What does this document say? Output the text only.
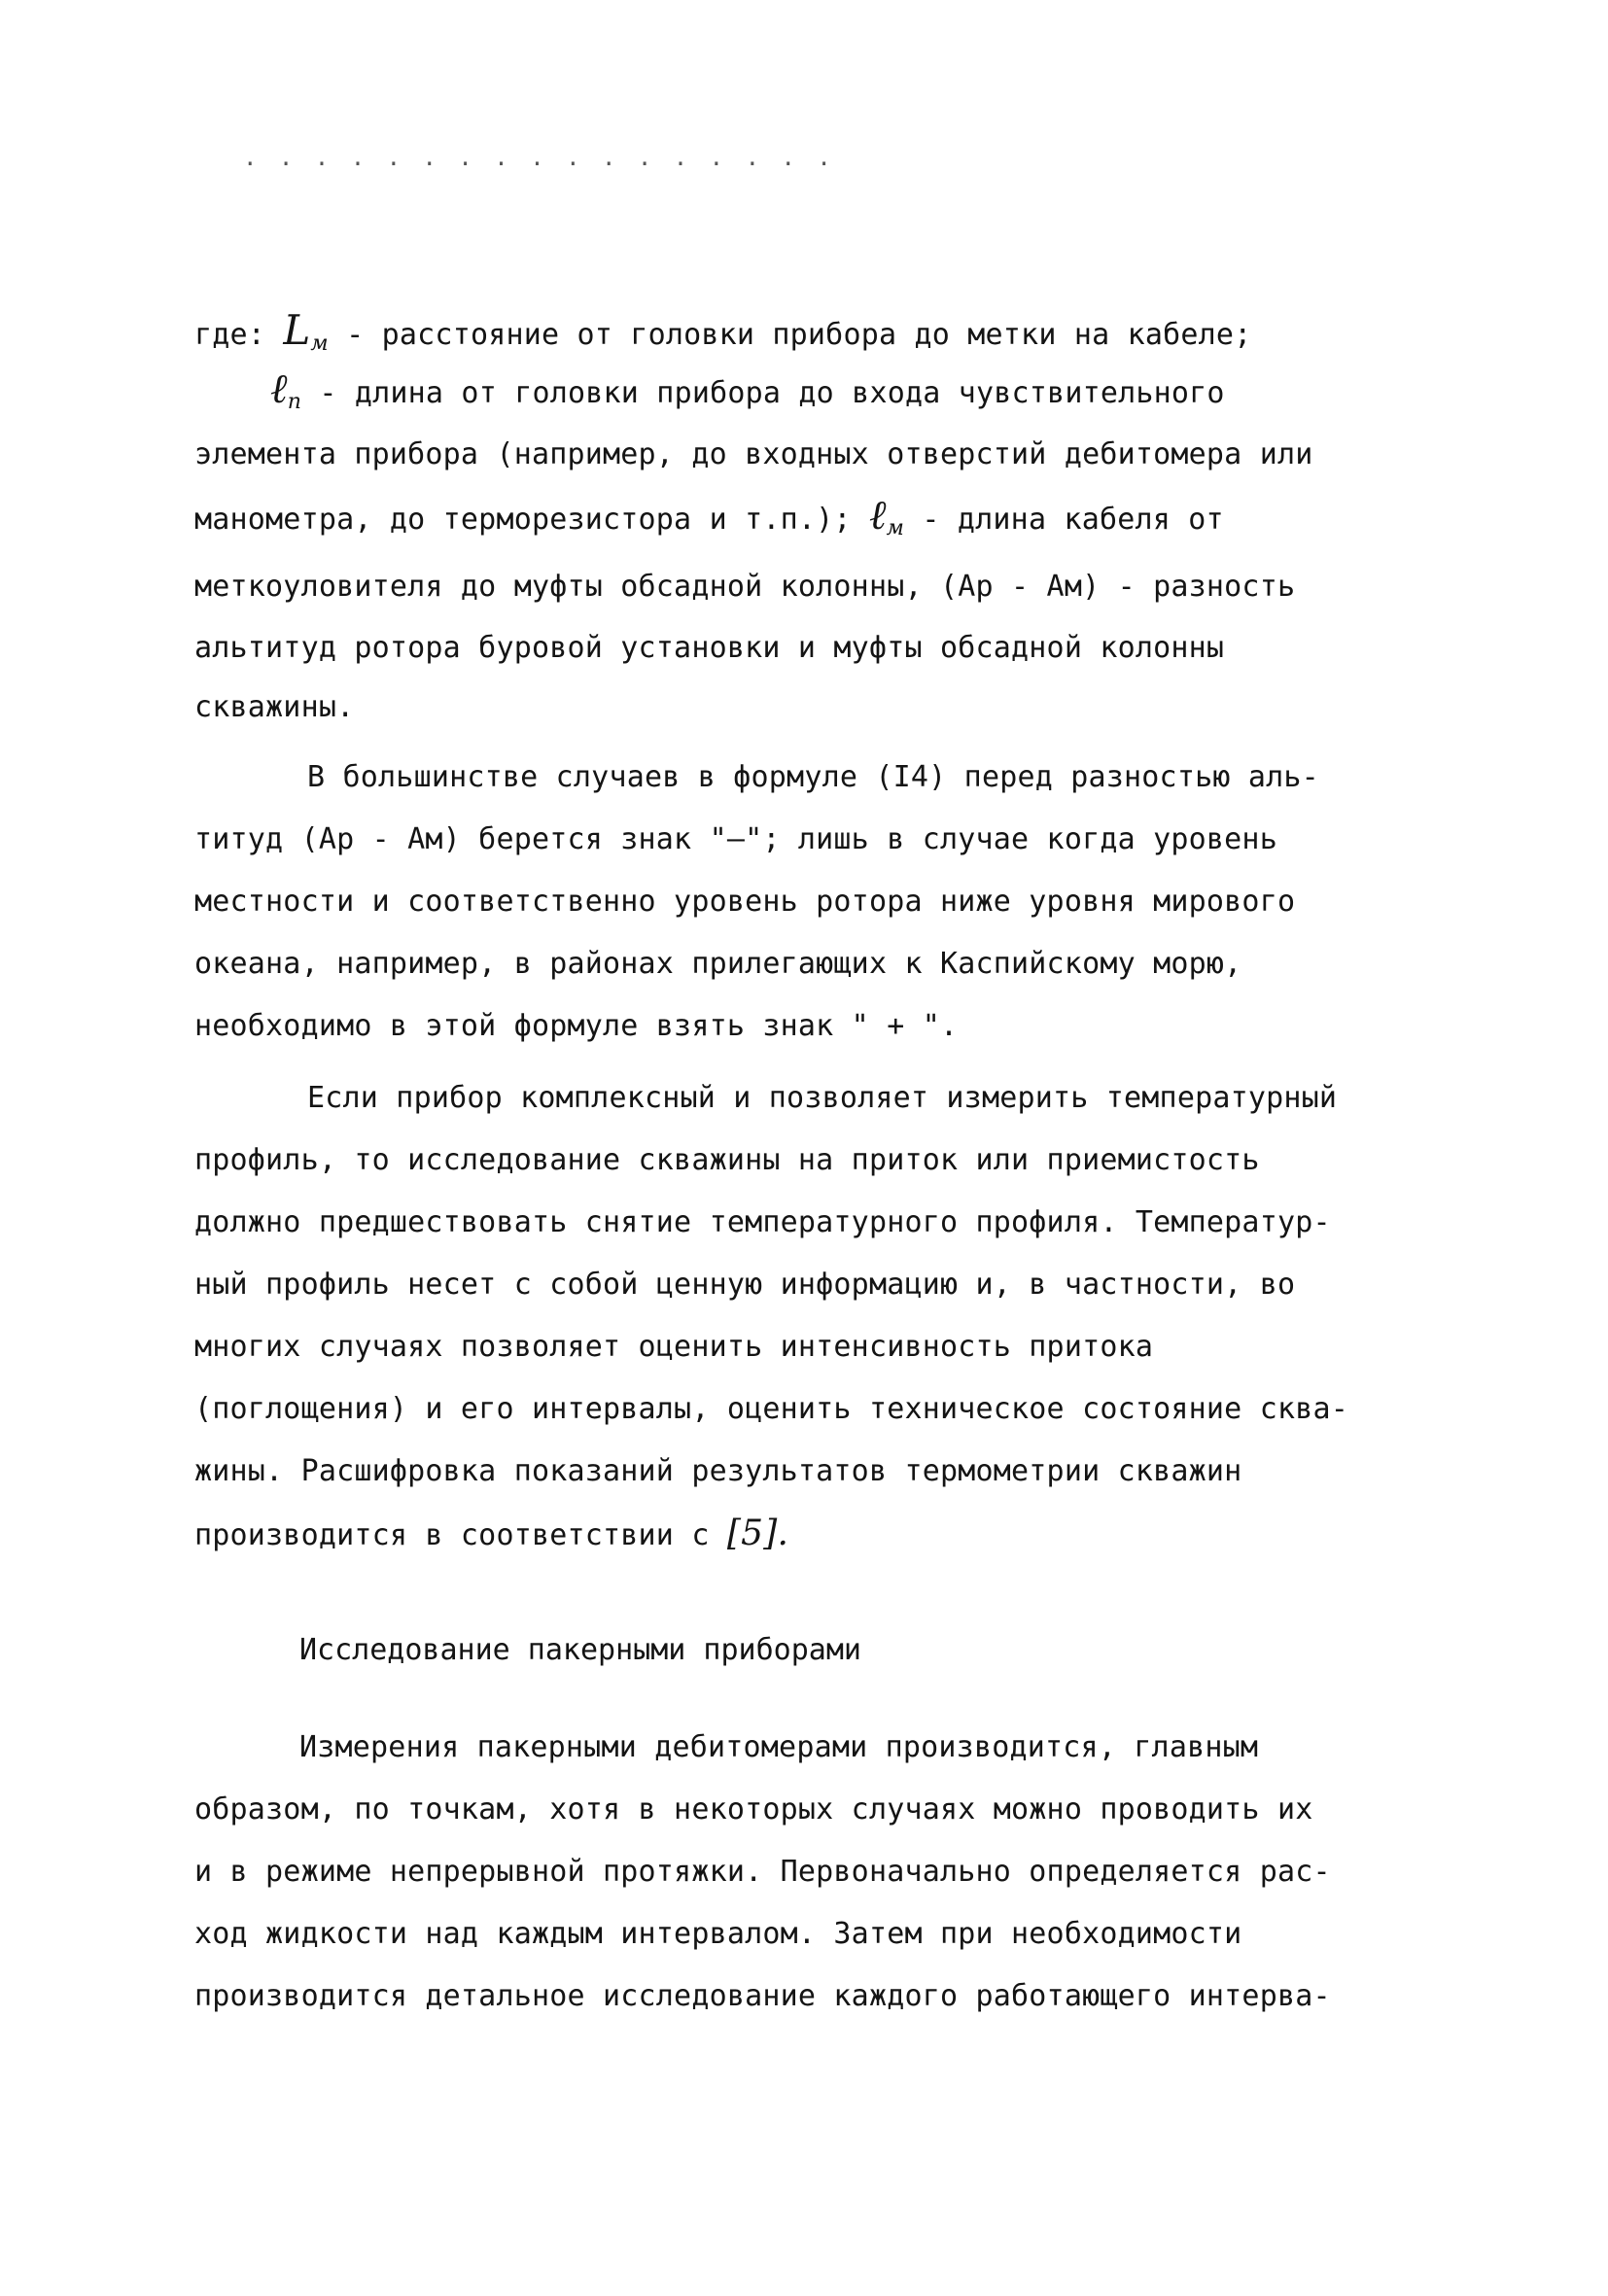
. . . . . . . . . . . . . . . . .
где: $L_м$ - расстояние от головки прибора до метки на кабеле;
ℓ$_п$ - длина от головки прибора до входа чувствительного
элемента прибора (например, до входных отверстий дебитомера или
манометра, до терморезистора и т.п.); ℓ$_м$ - длина кабеля от
меткоуловителя до муфты обсадной колонны, (Ар - Ам) - разность
альтитуд ротора буровой установки и муфты обсадной колонны
скважины.
В большинстве случаев в формуле (I4) перед разностью аль-
титуд (Ар - Ам) берется знак "—"; лишь в случае когда уровень
местности и соответственно уровень ротора ниже уровня мирового
океана, например, в районах прилегающих к Каспийскому морю,
необходимо в этой формуле взять знак " + ".
Если прибор комплексный и позволяет измерить температурный
профиль, то исследование скважины на приток или приемистость
должно предшествовать снятие температурного профиля. Температур-
ный профиль несет с собой ценную информацию и, в частности, во
многих случаях позволяет оценить интенсивность притока
(поглощения) и его интервалы, оценить техническое состояние сква-
жины. Расшифровка показаний результатов термометрии скважин
производится в соответствии с [5].
Исследование пакерными приборами
Измерения пакерными дебитомерами производится, главным
образом, по точкам, хотя в некоторых случаях можно проводить их
и в режиме непрерывной протяжки. Первоначально определяется рас-
ход жидкости над каждым интервалом. Затем при необходимости
производится детальное исследование каждого работающего интерва-
